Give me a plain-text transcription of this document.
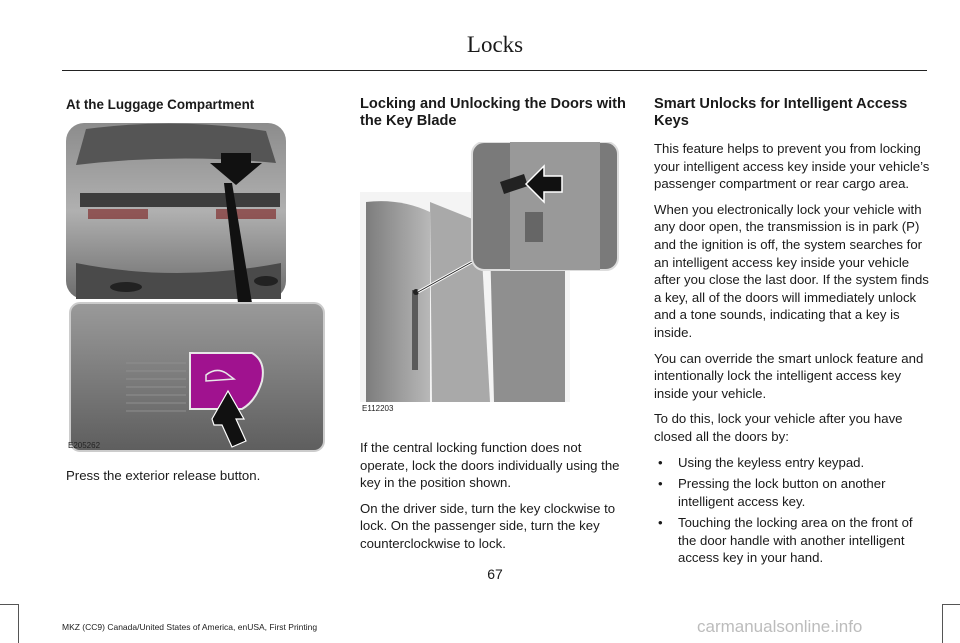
Locks
At the Luggage Compartment
E205262

Press the exterior release button.

Locking and Unlocking the Doors with the Key Blade
E112203

If the central locking function does not operate, lock the doors individually using the key in the position shown.

On the driver side, turn the key clockwise to lock. On the passenger side, turn the key counterclockwise to lock.

Smart Unlocks for Intelligent Access Keys

This feature helps to prevent you from locking your intelligent access key inside your vehicle’s passenger compartment or rear cargo area.

When you electronically lock your vehicle with any door open, the transmission is in park (P) and the ignition is off, the system searches for an intelligent access key inside your vehicle after you close the last door. If the system finds a key, all of the doors will immediately unlock and a tone sounds, indicating that a key is inside.

You can override the smart unlock feature and intentionally lock the intelligent access key inside your vehicle.

To do this, lock your vehicle after you have closed all the doors by:

• Using the keyless entry keypad.
• Pressing the lock button on another intelligent access key.
• Touching the locking area on the front of the door handle with another intelligent access key in your hand.
67
MKZ (CC9) Canada/United States of America, enUSA, First Printing	carmanualsonline.info
